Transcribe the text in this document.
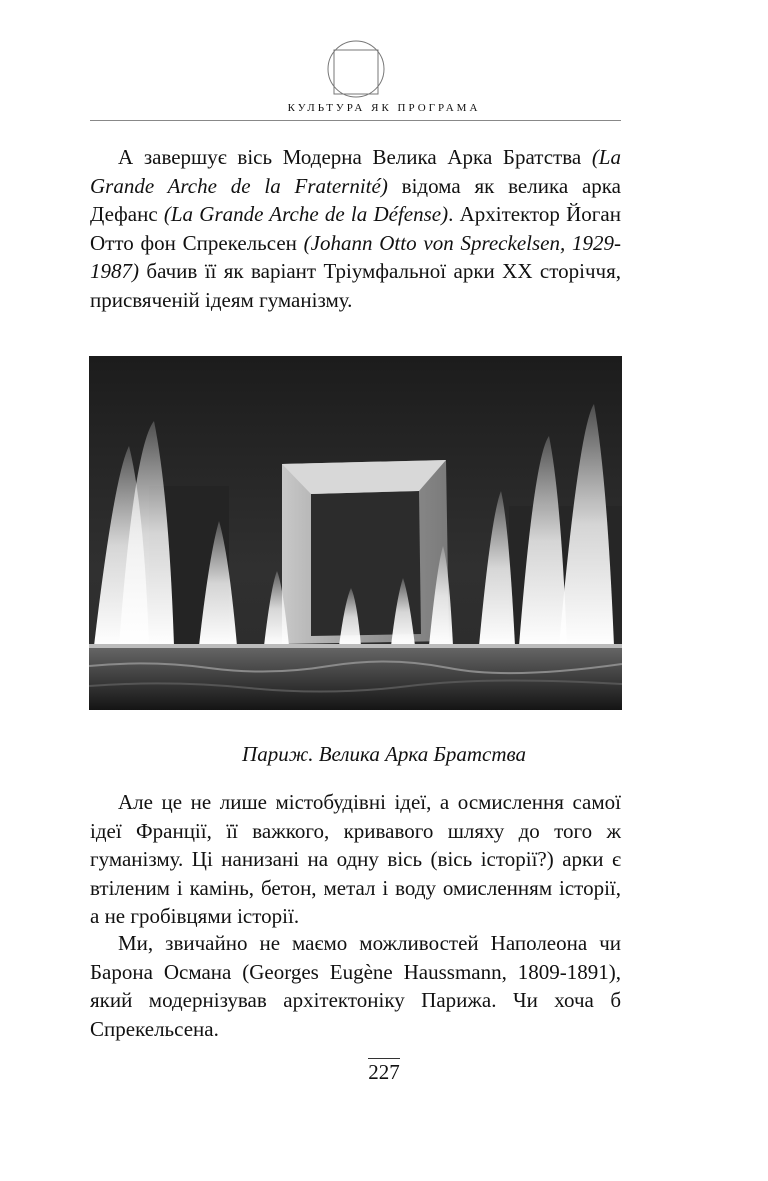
КУЛЬТУРА ЯК ПРОГРАМА

А завершує вісь Модерна Велика Арка Братства (La Grande Arche de la Fraternité) відома як велика арка Дефанс (La Grande Arche de la Défense). Архітектор Йоган Отто фон Спрекельсен (Johann Otto von Spreckelsen, 1929-1987) бачив її як варіант Тріумфальної арки XX сторіччя, присвяченій ідеям гуманізму.

Париж. Велика Арка Братства

Але це не лише містобудівні ідеї, а осмислення самої ідеї Франції, її важкого, кривавого шляху до того ж гуманізму. Ці нанизані на одну вісь (вісь історії?) арки є втіленим і камінь, бетон, метал і воду омисленням історії, а не гробівцями історії.

Ми, звичайно не маємо можливостей Наполеона чи Барона Османа (Georges Eugène Haussmann, 1809-1891), який модернізував архітектоніку Парижа. Чи хоча б Спрекельсена.

227
